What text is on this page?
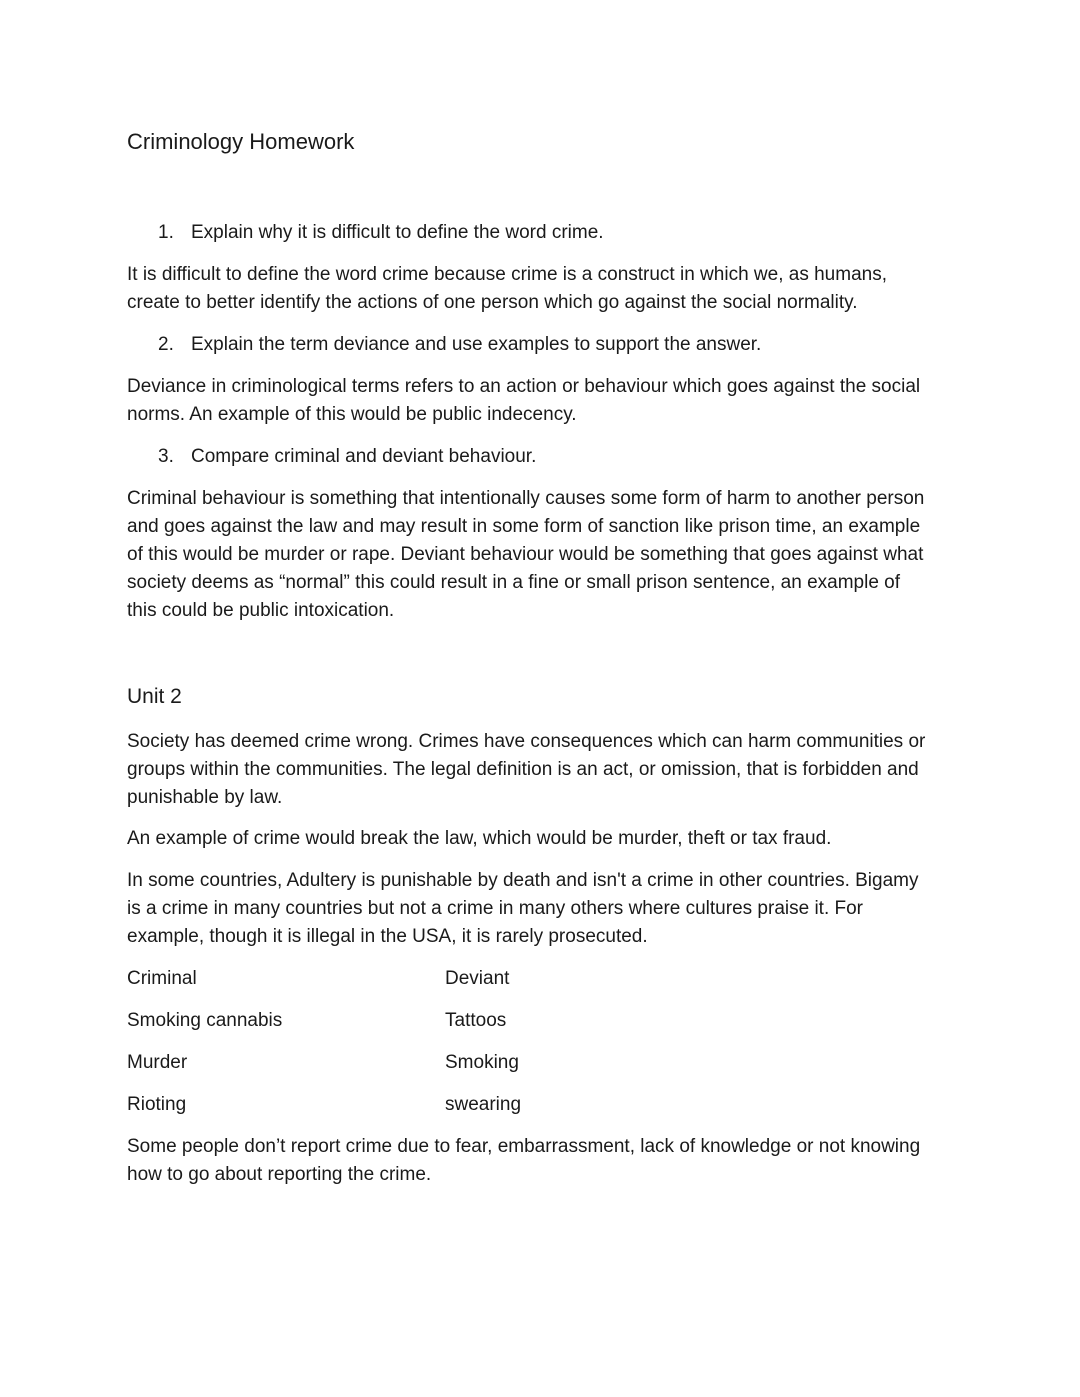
Criminology Homework
1. Explain why it is difficult to define the word crime.
It is difficult to define the word crime because crime is a construct in which we, as humans,
create to better identify the actions of one person which go against the social normality.
2. Explain the term deviance and use examples to support the answer.
Deviance in criminological terms refers to an action or behaviour which goes against the social
norms. An example of this would be public indecency.
3. Compare criminal and deviant behaviour.
Criminal behaviour is something that intentionally causes some form of harm to another person
and goes against the law and may result in some form of sanction like prison time, an example
of this would be murder or rape. Deviant behaviour would be something that goes against what
society deems as “normal” this could result in a fine or small prison sentence, an example of
this could be public intoxication.
Unit 2
Society has deemed crime wrong. Crimes have consequences which can harm communities or
groups within the communities. The legal definition is an act, or omission, that is forbidden and
punishable by law.
An example of crime would break the law, which would be murder, theft or tax fraud.
In some countries, Adultery is punishable by death and isn't a crime in other countries. Bigamy
is a crime in many countries but not a crime in many others where cultures praise it. For
example, though it is illegal in the USA, it is rarely prosecuted.
Criminal	Deviant
Smoking cannabis	Tattoos
Murder	Smoking
Rioting	swearing
Some people don’t report crime due to fear, embarrassment, lack of knowledge or not knowing
how to go about reporting the crime.
